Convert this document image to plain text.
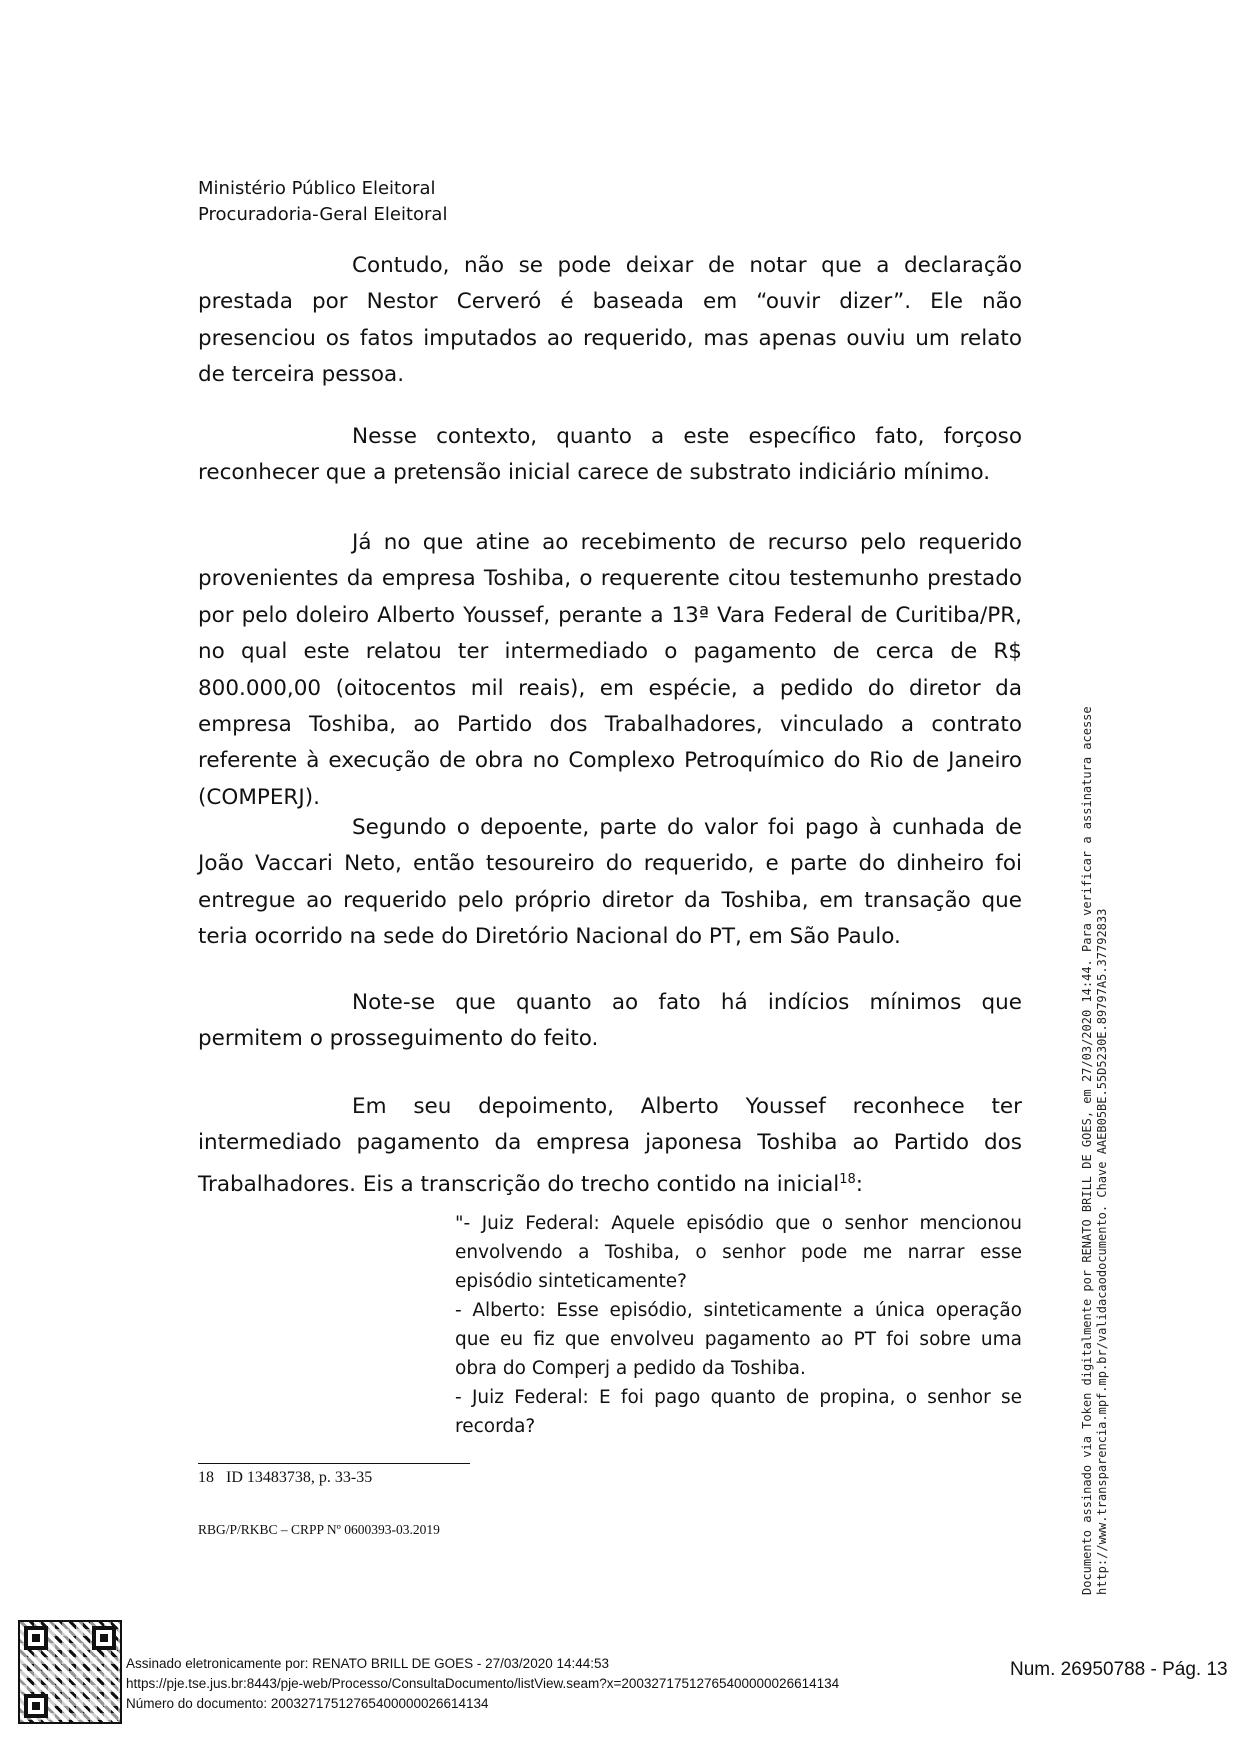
Ministério Público Eleitoral
Procuradoria-Geral Eleitoral

Contudo, não se pode deixar de notar que a declaração prestada por Nestor Cerveró é baseada em “ouvir dizer”. Ele não presenciou os fatos imputados ao requerido, mas apenas ouviu um relato de terceira pessoa.

Nesse contexto, quanto a este específico fato, forçoso reconhecer que a pretensão inicial carece de substrato indiciário mínimo.

Já no que atine ao recebimento de recurso pelo requerido provenientes da empresa Toshiba, o requerente citou testemunho prestado por pelo doleiro Alberto Youssef, perante a 13ª Vara Federal de Curitiba/PR, no qual este relatou ter intermediado o pagamento de cerca de R$ 800.000,00 (oitocentos mil reais), em espécie, a pedido do diretor da empresa Toshiba, ao Partido dos Trabalhadores, vinculado a contrato referente à execução de obra no Complexo Petroquímico do Rio de Janeiro (COMPERJ).

Segundo o depoente, parte do valor foi pago à cunhada de João Vaccari Neto, então tesoureiro do requerido, e parte do dinheiro foi entregue ao requerido pelo próprio diretor da Toshiba, em transação que teria ocorrido na sede do Diretório Nacional do PT, em São Paulo.

Note-se que quanto ao fato há indícios mínimos que permitem o prosseguimento do feito.

Em seu depoimento, Alberto Youssef reconhece ter intermediado pagamento da empresa japonesa Toshiba ao Partido dos Trabalhadores. Eis a transcrição do trecho contido na inicial$^{18}$:

"- Juiz Federal: Aquele episódio que o senhor mencionou envolvendo a Toshiba, o senhor pode me narrar esse episódio sinteticamente?

- Alberto: Esse episódio, sinteticamente a única operação que eu fiz que envolveu pagamento ao PT foi sobre uma obra do Comperj a pedido da Toshiba.

- Juiz Federal: E foi pago quanto de propina, o senhor se recorda?

18 ID 13483738, p. 33-35
RBG/P/RKBC – CRPP Nº 0600393-03.2019	Documento assinado via Token digitalmente por RENATO BRILL DE GOES, em 27/03/2020 14:44. Para verificar a assinatura acesse http://www.transparencia.mpf.mp.br/validacaodocumento. Chave AAEB05BE.55D5230E.89797A5.37792833
Assinado eletronicamente por: RENATO BRILL DE GOES - 27/03/2020 14:44:53
https://pje.tse.jus.br:8443/pje-web/Processo/ConsultaDocumento/listView.seam?x=20032717512765400000026614134
Número do documento: 20032717512765400000026614134
Num. 26950788 - Pág. 13
